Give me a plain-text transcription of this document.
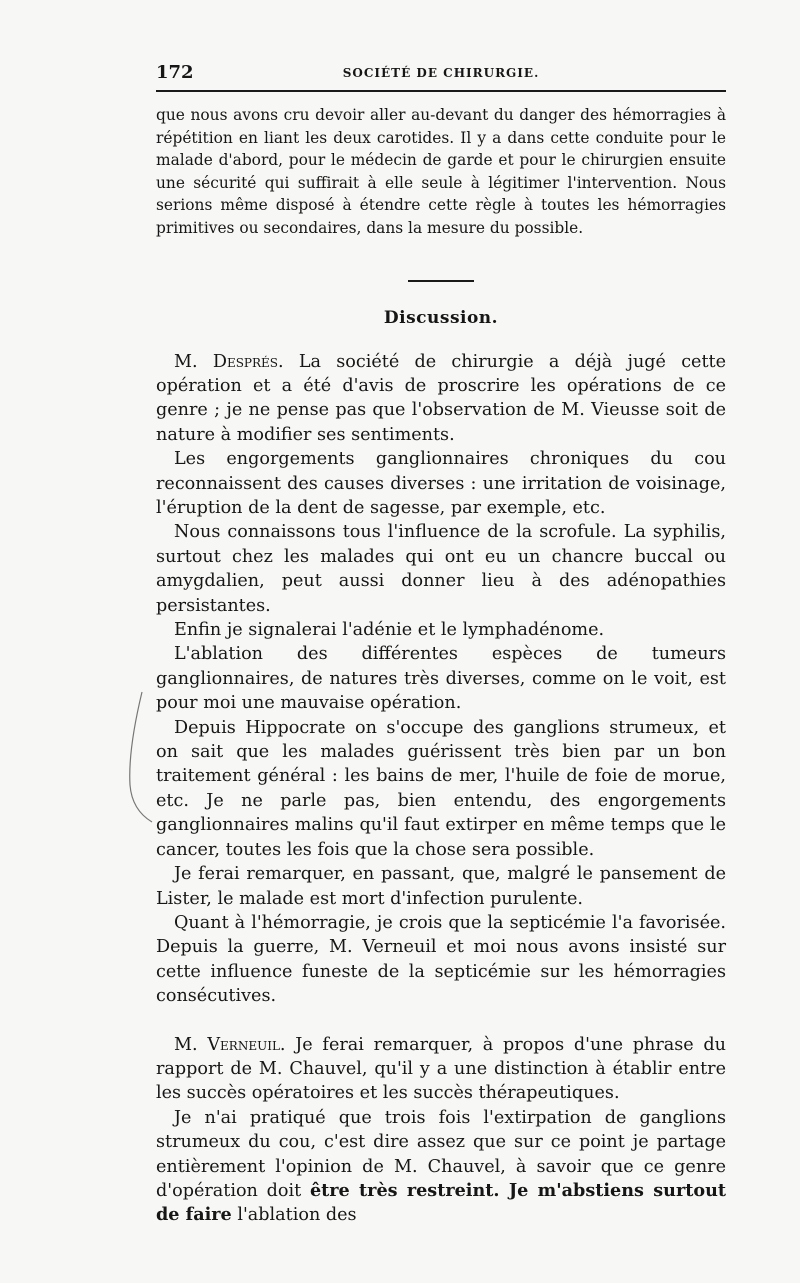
172	SOCIÉTÉ DE CHIRURGIE.

que nous avons cru devoir aller au-devant du danger des hémorragies à répétition en liant les deux carotides. Il y a dans cette conduite pour le malade d'abord, pour le médecin de garde et pour le chirurgien ensuite une sécurité qui suffirait à elle seule à légitimer l'intervention. Nous serions même disposé à étendre cette règle à toutes les hémorragies primitives ou secondaires, dans la mesure du possible.

Discussion.

M. Després. La société de chirurgie a déjà jugé cette opération et a été d'avis de proscrire les opérations de ce genre ; je ne pense pas que l'observation de M. Vieusse soit de nature à modifier ses sentiments.

Les engorgements ganglionnaires chroniques du cou reconnaissent des causes diverses : une irritation de voisinage, l'éruption de la dent de sagesse, par exemple, etc.

Nous connaissons tous l'influence de la scrofule. La syphilis, surtout chez les malades qui ont eu un chancre buccal ou amygdalien, peut aussi donner lieu à des adénopathies persistantes.

Enfin je signalerai l'adénie et le lymphadénome.

L'ablation des différentes espèces de tumeurs ganglionnaires, de natures très diverses, comme on le voit, est pour moi une mauvaise opération.

Depuis Hippocrate on s'occupe des ganglions strumeux, et on sait que les malades guérissent très bien par un bon traitement général : les bains de mer, l'huile de foie de morue, etc. Je ne parle pas, bien entendu, des engorgements ganglionnaires malins qu'il faut extirper en même temps que le cancer, toutes les fois que la chose sera possible.

Je ferai remarquer, en passant, que, malgré le pansement de Lister, le malade est mort d'infection purulente.

Quant à l'hémorragie, je crois que la septicémie l'a favorisée. Depuis la guerre, M. Verneuil et moi nous avons insisté sur cette influence funeste de la septicémie sur les hémorragies consécutives.

M. Verneuil. Je ferai remarquer, à propos d'une phrase du rapport de M. Chauvel, qu'il y a une distinction à établir entre les succès opératoires et les succès thérapeutiques.

Je n'ai pratiqué que trois fois l'extirpation de ganglions strumeux du cou, c'est dire assez que sur ce point je partage entièrement l'opinion de M. Chauvel, à savoir que ce genre d'opération doit être très restreint. Je m'abstiens surtout de faire l'ablation des
